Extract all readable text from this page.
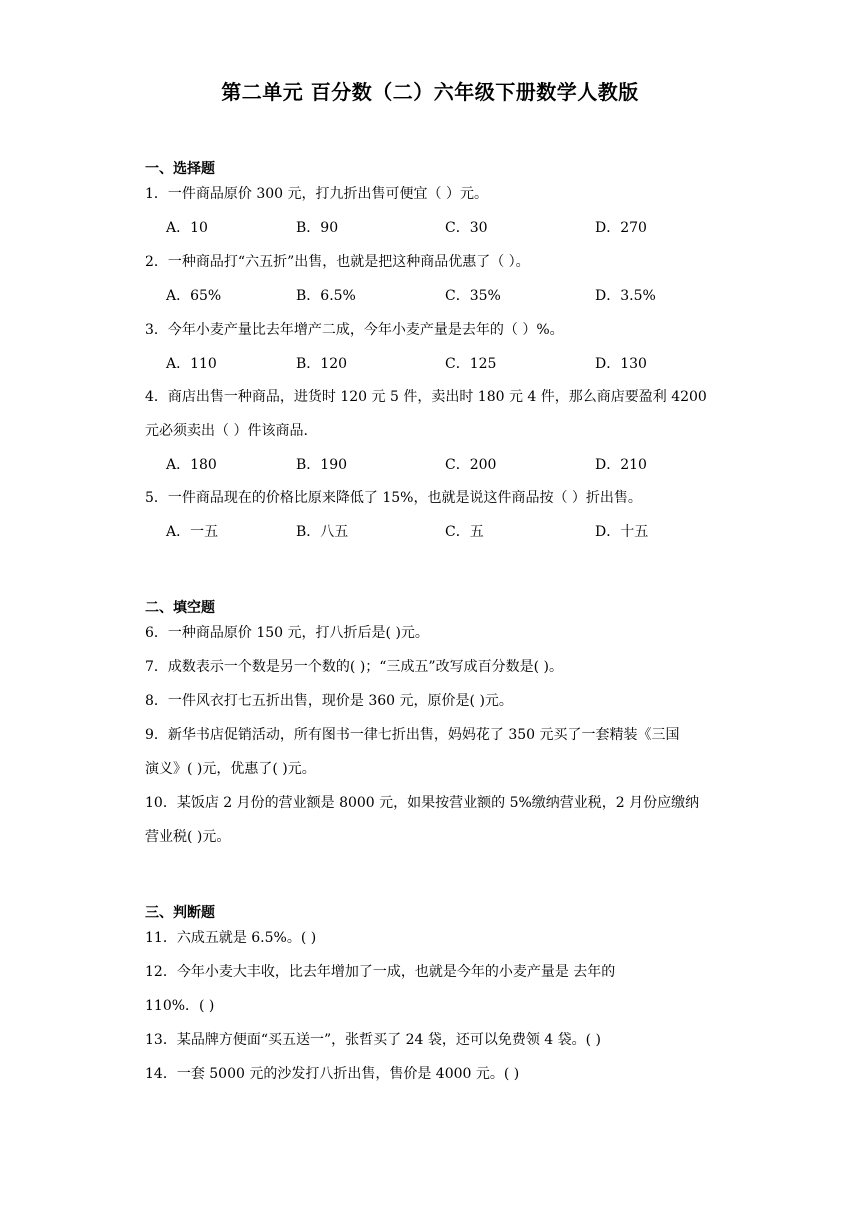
第二单元 百分数（二）六年级下册数学人教版
一、选择题
1．一件商品原价 300 元，打九折出售可便宜（ ）元。
A．10	B．90	C．30	D．270
2．一种商品打“六五折”出售，也就是把这种商品优惠了（ ）。
A．65%	B．6.5%	C．35%	D．3.5%
3．今年小麦产量比去年增产二成，今年小麦产量是去年的（ ）%。
A．110	B．120	C．125	D．130
4．商店出售一种商品，进货时 120 元 5 件，卖出时 180 元 4 件，那么商店要盈利 4200
元必须卖出（ ）件该商品.
A．180	B．190	C．200	D．210
5．一件商品现在的价格比原来降低了 15%，也就是说这件商品按（ ）折出售。
A．一五	B．八五	C．五	D．十五
二、填空题
6．一种商品原价 150 元，打八折后是( )元。
7．成数表示一个数是另一个数的( )；“三成五”改写成百分数是( )。
8．一件风衣打七五折出售，现价是 360 元，原价是( )元。
9．新华书店促销活动，所有图书一律七折出售，妈妈花了 350 元买了一套精装《三国
演义》( )元，优惠了( )元。
10．某饭店 2 月份的营业额是 8000 元，如果按营业额的 5%缴纳营业税，2 月份应缴纳
营业税( )元。
三、判断题
11．六成五就是 6.5%。( )
12．今年小麦大丰收，比去年增加了一成，也就是今年的小麦产量是 去年的
110%．( )
13．某品牌方便面“买五送一”，张哲买了 24 袋，还可以免费领 4 袋。( )
14．一套 5000 元的沙发打八折出售，售价是 4000 元。( )
